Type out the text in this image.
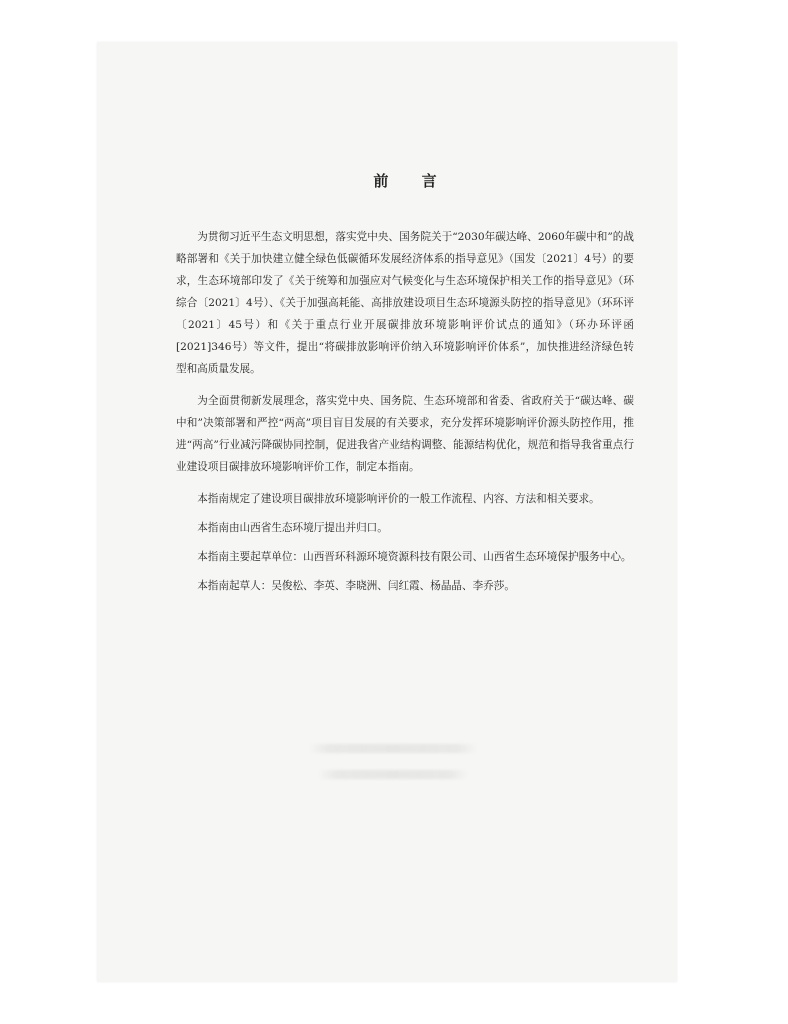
前 言

为贯彻习近平生态文明思想，落实党中央、国务院关于“2030年碳达峰、2060年碳中和”的战略部署和《关于加快建立健全绿色低碳循环发展经济体系的指导意见》（国发〔2021〕4号）的要求，生态环境部印发了《关于统筹和加强应对气候变化与生态环境保护相关工作的指导意见》（环综合〔2021〕4号）、《关于加强高耗能、高排放建设项目生态环境源头防控的指导意见》（环环评〔2021〕45号）和《关于重点行业开展碳排放环境影响评价试点的通知》（环办环评函[2021]346号）等文件，提出“将碳排放影响评价纳入环境影响评价体系”，加快推进经济绿色转型和高质量发展。

为全面贯彻新发展理念，落实党中央、国务院、生态环境部和省委、省政府关于“碳达峰、碳中和”决策部署和严控“两高”项目盲目发展的有关要求，充分发挥环境影响评价源头防控作用，推进“两高”行业减污降碳协同控制，促进我省产业结构调整、能源结构优化，规范和指导我省重点行业建设项目碳排放环境影响评价工作，制定本指南。

本指南规定了建设项目碳排放环境影响评价的一般工作流程、内容、方法和相关要求。

本指南由山西省生态环境厅提出并归口。

本指南主要起草单位：山西晋环科源环境资源科技有限公司、山西省生态环境保护服务中心。

本指南起草人：吴俊松、李英、李晓洲、闫红霞、杨晶晶、李乔莎。
